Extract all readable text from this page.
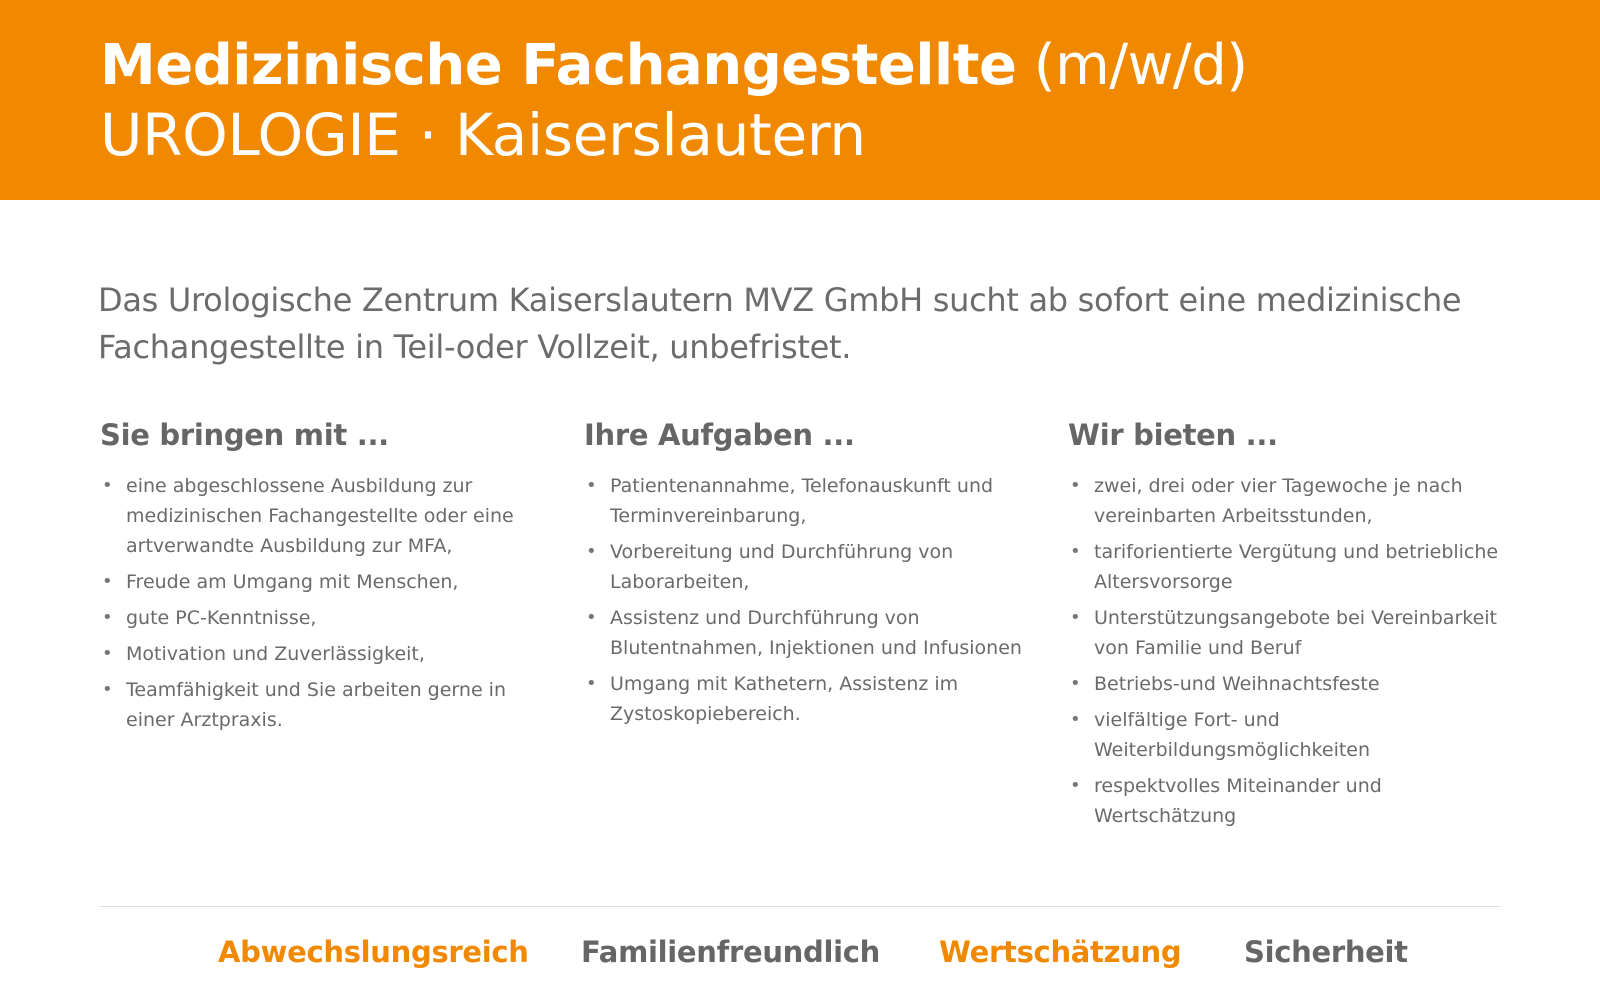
Medizinische Fachangestellte (m/w/d)
UROLOGIE · Kaiserslautern

Das Urologische Zentrum Kaiserslautern MVZ GmbH sucht ab sofort eine medizinische Fachangestellte in Teil-oder Vollzeit, unbefristet.

Sie bringen mit ...
• eine abgeschlossene Ausbildung zur medizinischen Fachangestellte oder eine artverwandte Ausbildung zur MFA,
• Freude am Umgang mit Menschen,
• gute PC-Kenntnisse,
• Motivation und Zuverlässigkeit,
• Teamfähigkeit und Sie arbeiten gerne in einer Arztpraxis.
Ihre Aufgaben ...
• Patientenannahme, Telefonauskunft und Terminvereinbarung,
• Vorbereitung und Durchführung von Laborarbeiten,
• Assistenz und Durchführung von Blutentnahmen, Injektionen und Infusionen
• Umgang mit Kathetern, Assistenz im Zystoskopiebereich.
Wir bieten ...
• zwei, drei oder vier Tagewoche je nach vereinbarten Arbeitsstunden,
• tariforientierte Vergütung und betriebliche Altersvorsorge
• Unterstützungsangebote bei Vereinbarkeit von Familie und Beruf
• Betriebs-und Weihnachtsfeste
• vielfältige Fort- und Weiterbildungsmöglichkeiten
• respektvolles Miteinander und Wertschätzung
Abwechslungsreich Familienfreundlich Wertschätzung Sicherheit
